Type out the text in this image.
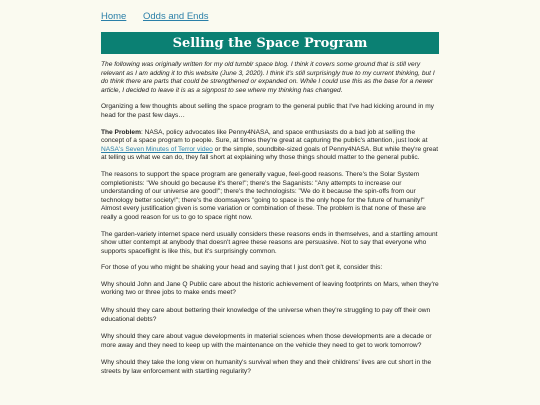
Home Odds and Ends
Selling the Space Program

The following was originally written for my old tumblr space blog. I think it covers some ground that is still very relevant as I am adding it to this website (June 3, 2020). I think it's still surprisingly true to my current thinking, but I do think there are parts that could be strengthened or expanded on. While I could use this as the base for a newer article, I decided to leave it is as a signpost to see where my thinking has changed.

Organizing a few thoughts about selling the space program to the general public that I've had kicking around in my head for the past few days…

The Problem: NASA, policy advocates like Penny4NASA, and space enthusiasts do a bad job at selling the concept of a space program to people. Sure, at times they're great at capturing the public's attention, just look at NASA's Seven Minutes of Terror video or the simple, soundbite-sized goals of Penny4NASA. But while they're great at telling us what we can do, they fall short at explaining why those things should matter to the general public.

The reasons to support the space program are generally vague, feel-good reasons. There's the Solar System completionists: "We should go because it's there!"; there's the Saganists: "Any attempts to increase our understanding of our universe are good!"; there's the technologists: "We do it because the spin-offs from our technology better society!"; there's the doomsayers "going to space is the only hope for the future of humanity!" Almost every justification given is some variation or combination of these. The problem is that none of these are really a good reason for us to go to space right now.

The garden-variety internet space nerd usually considers these reasons ends in themselves, and a startling amount show utter contempt at anybody that doesn't agree these reasons are persuasive. Not to say that everyone who supports spaceflight is like this, but it's surprisingly common.

For those of you who might be shaking your head and saying that I just don't get it, consider this:

Why should John and Jane Q Public care about the historic achievement of leaving footprints on Mars, when they're working two or three jobs to make ends meet?

Why should they care about bettering their knowledge of the universe when they're struggling to pay off their own educational debts?

Why should they care about vague developments in material sciences when those developments are a decade or more away and they need to keep up with the maintenance on the vehicle they need to get to work tomorrow?

Why should they take the long view on humanity's survival when they and their childrens' lives are cut short in the streets by law enforcement with startling regularity?
